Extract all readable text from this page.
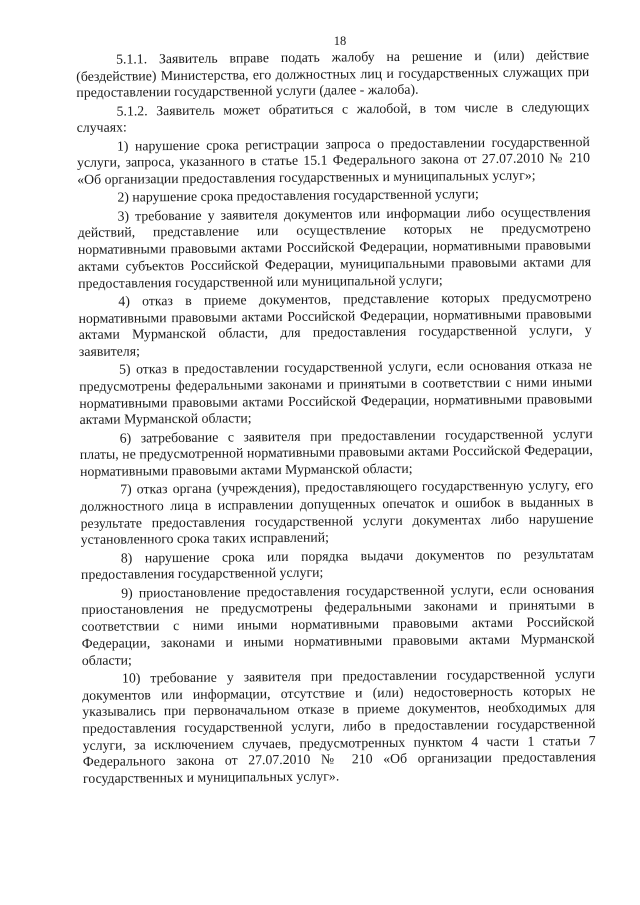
18

5.1.1. Заявитель вправе подать жалобу на решение и (или) действие (бездействие) Министерства, его должностных лиц и государственных служащих при предоставлении государственной услуги (далее - жалоба).

5.1.2. Заявитель может обратиться с жалобой, в том числе в следующих случаях:

1) нарушение срока регистрации запроса о предоставлении государственной услуги, запроса, указанного в статье 15.1 Федерального закона от 27.07.2010 № 210 «Об организации предоставления государственных и муниципальных услуг»;

2) нарушение срока предоставления государственной услуги;

3) требование у заявителя документов или информации либо осуществления действий, представление или осуществление которых не предусмотрено нормативными правовыми актами Российской Федерации, нормативными правовыми актами субъектов Российской Федерации, муниципальными правовыми актами для предоставления государственной или муниципальной услуги;

4) отказ в приеме документов, представление которых предусмотрено нормативными правовыми актами Российской Федерации, нормативными правовыми актами Мурманской области, для предоставления государственной услуги, у заявителя;

5) отказ в предоставлении государственной услуги, если основания отказа не предусмотрены федеральными законами и принятыми в соответствии с ними иными нормативными правовыми актами Российской Федерации, нормативными правовыми актами Мурманской области;

6) затребование с заявителя при предоставлении государственной услуги платы, не предусмотренной нормативными правовыми актами Российской Федерации, нормативными правовыми актами Мурманской области;

7) отказ органа (учреждения), предоставляющего государственную услугу, его должностного лица в исправлении допущенных опечаток и ошибок в выданных в результате предоставления государственной услуги документах либо нарушение установленного срока таких исправлений;

8) нарушение срока или порядка выдачи документов по результатам предоставления государственной услуги;

9) приостановление предоставления государственной услуги, если основания приостановления не предусмотрены федеральными законами и принятыми в соответствии с ними иными нормативными правовыми актами Российской Федерации, законами и иными нормативными правовыми актами Мурманской области;

10) требование у заявителя при предоставлении государственной услуги документов или информации, отсутствие и (или) недостоверность которых не указывались при первоначальном отказе в приеме документов, необходимых для предоставления государственной услуги, либо в предоставлении государственной услуги, за исключением случаев, предусмотренных пунктом 4 части 1 статьи 7 Федерального закона от 27.07.2010 № 210 «Об организации предоставления государственных и муниципальных услуг».
